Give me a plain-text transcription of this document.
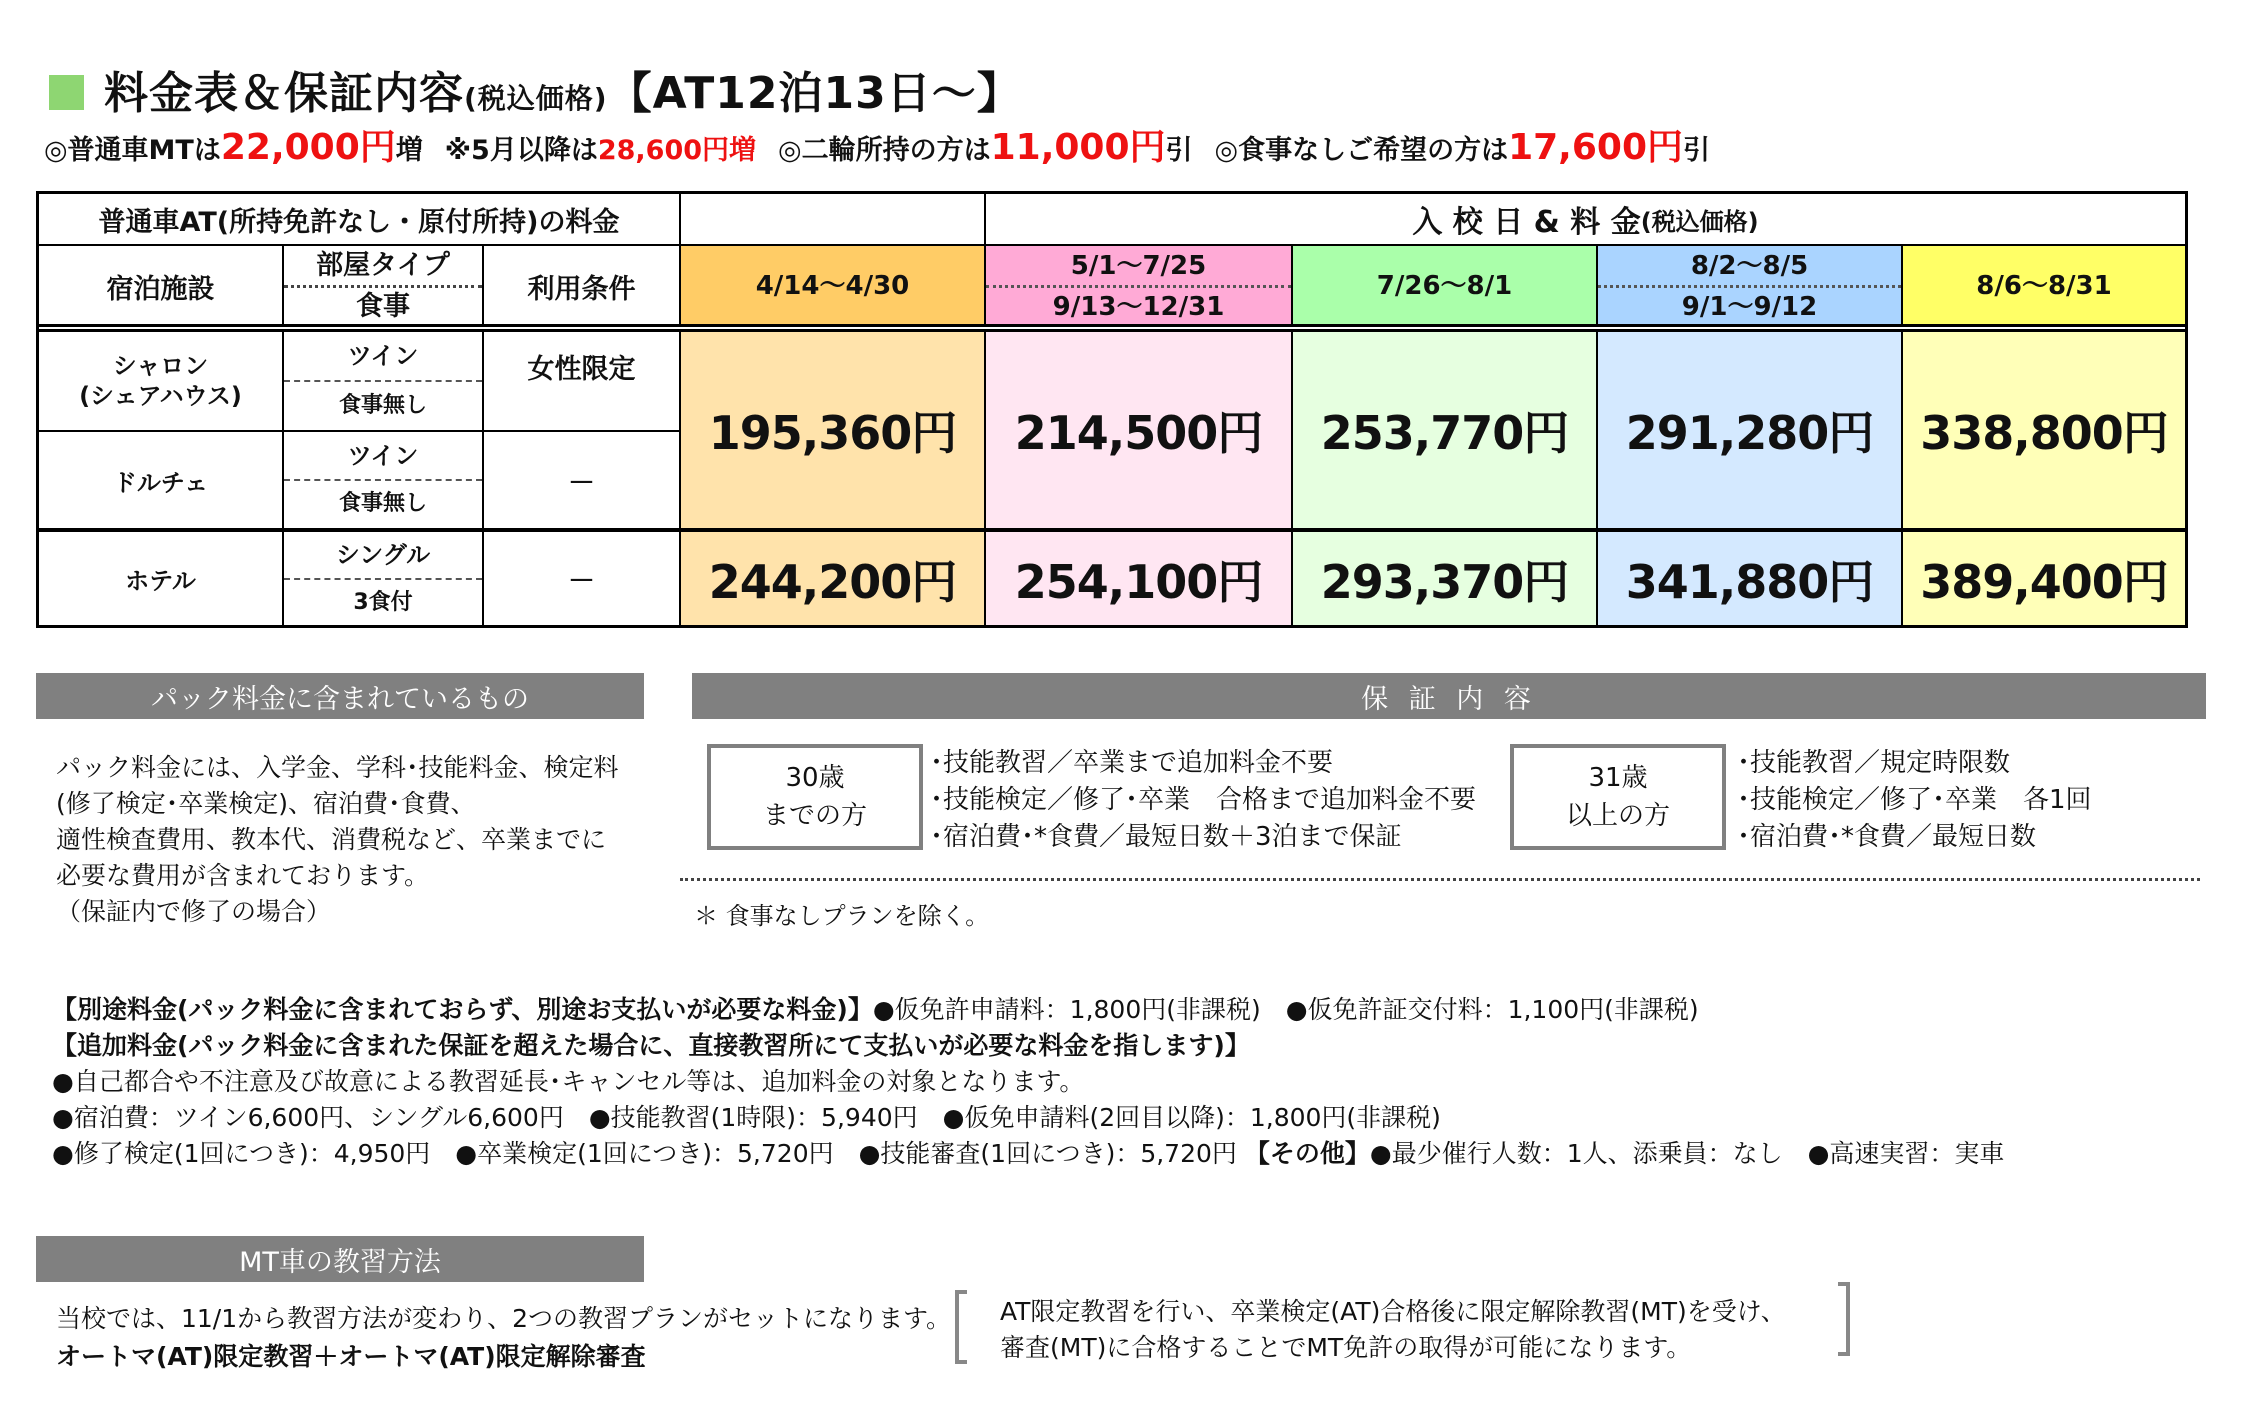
料金表＆保証内容(税込価格)【AT12泊13日～】
◎普通車MTは22,000円増 ※5月以降は28,600円増 ◎二輪所持の方は11,000円引 ◎食事なしご希望の方は17,600円引
普通車AT(所持免許なし・原付所持)の料金	入 校 日 & 料 金 (税込価格)
宿泊施設
部屋タイプ
食事
利用条件	4/14～4/30
5/1～7/25
9/13～12/31
7/26～8/1
8/2～8/5
9/1～9/12
8/6～8/31
シャロン
(シェアハウス)
ツイン
食事無し
女性限定
ドルチェ
ツイン
食事無し
－
195,360円 214,500円 253,770円 291,280円 338,800円
ホテル
シングル
3食付
－ 244,200円 254,100円 293,370円 341,880円 389,400円
パック料金に含まれているもの
パック料金には、入学金、学科･技能料金、検定料
(修了検定･卒業検定)、宿泊費･食費、
適性検査費用、教本代、消費税など、卒業までに
必要な費用が含まれております。
（保証内で修了の場合）
保 証 内 容
30歳
までの方
･技能教習／卒業まで追加料金不要
･技能検定／修了･卒業　合格まで追加料金不要
･宿泊費･*食費／最短日数＋3泊まで保証
31歳
以上の方
･技能教習／規定時限数
･技能検定／修了･卒業　各1回
･宿泊費･*食費／最短日数
＊ 食事なしプランを除く。
【別途料金(パック料金に含まれておらず、別途お支払いが必要な料金)】●仮免許申請料：1,800円(非課税)　●仮免許証交付料：1,100円(非課税)
【追加料金(パック料金に含まれた保証を超えた場合に、直接教習所にて支払いが必要な料金を指します)】
●自己都合や不注意及び故意による教習延長･キャンセル等は、追加料金の対象となります。
●宿泊費：ツイン6,600円、シングル6,600円　●技能教習(1時限)：5,940円　●仮免申請料(2回目以降)：1,800円(非課税)
●修了検定(1回につき)：4,950円　●卒業検定(1回につき)：5,720円　●技能審査(1回につき)：5,720円 【その他】●最少催行人数：1人、添乗員：なし　●高速実習：実車
MT車の教習方法
当校では、11/1から教習方法が変わり、2つの教習プランがセットになります。
オートマ(AT)限定教習＋オートマ(AT)限定解除審査
AT限定教習を行い、卒業検定(AT)合格後に限定解除教習(MT)を受け、
審査(MT)に合格することでMT免許の取得が可能になります。
